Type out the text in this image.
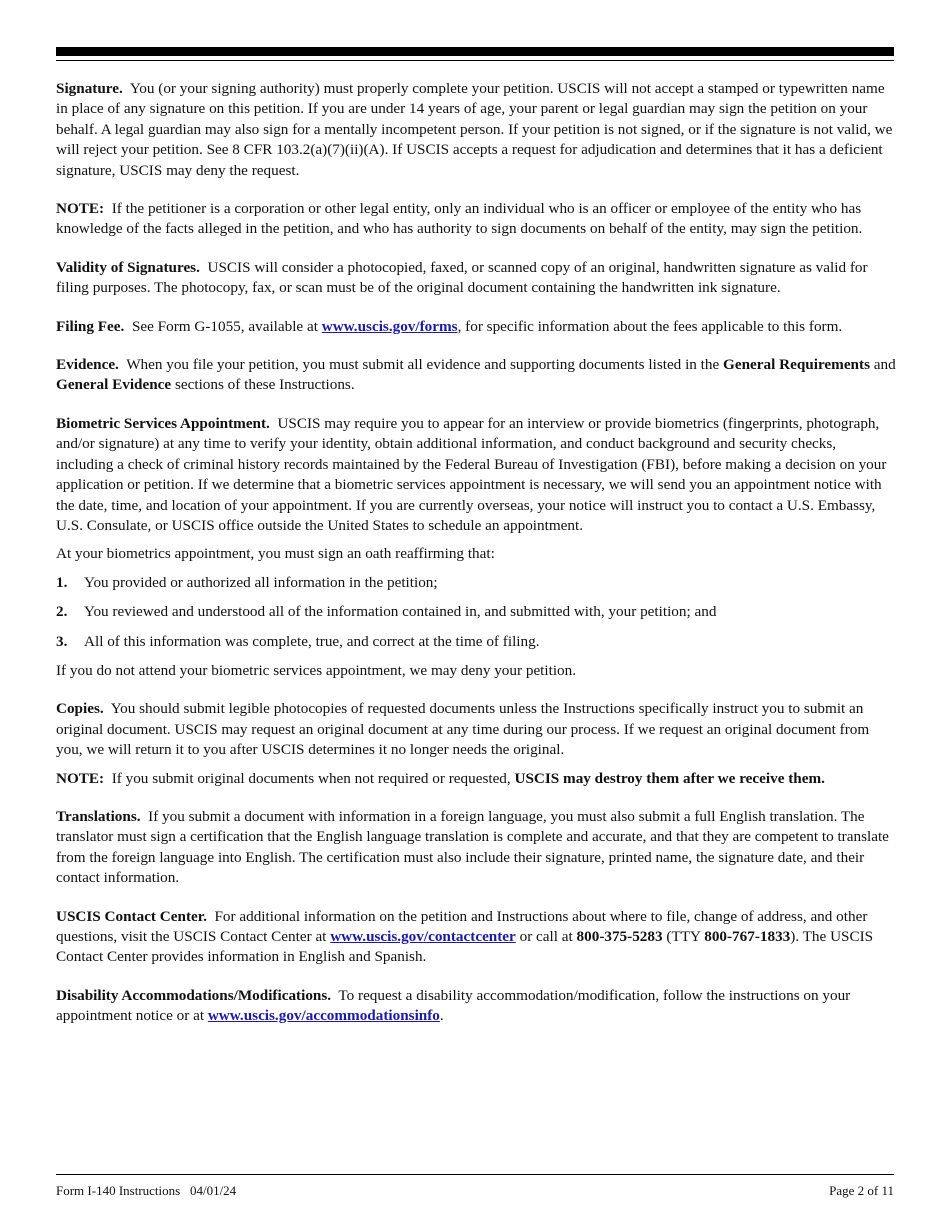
Signature. You (or your signing authority) must properly complete your petition. USCIS will not accept a stamped or typewritten name in place of any signature on this petition. If you are under 14 years of age, your parent or legal guardian may sign the petition on your behalf. A legal guardian may also sign for a mentally incompetent person. If your petition is not signed, or if the signature is not valid, we will reject your petition. See 8 CFR 103.2(a)(7)(ii)(A). If USCIS accepts a request for adjudication and determines that it has a deficient signature, USCIS may deny the request.

NOTE: If the petitioner is a corporation or other legal entity, only an individual who is an officer or employee of the entity who has knowledge of the facts alleged in the petition, and who has authority to sign documents on behalf of the entity, may sign the petition.

Validity of Signatures. USCIS will consider a photocopied, faxed, or scanned copy of an original, handwritten signature as valid for filing purposes. The photocopy, fax, or scan must be of the original document containing the handwritten ink signature.

Filing Fee. See Form G-1055, available at www.uscis.gov/forms, for specific information about the fees applicable to this form.

Evidence. When you file your petition, you must submit all evidence and supporting documents listed in the General Requirements and General Evidence sections of these Instructions.

Biometric Services Appointment. USCIS may require you to appear for an interview or provide biometrics (fingerprints, photograph, and/or signature) at any time to verify your identity, obtain additional information, and conduct background and security checks, including a check of criminal history records maintained by the Federal Bureau of Investigation (FBI), before making a decision on your application or petition. If we determine that a biometric services appointment is necessary, we will send you an appointment notice with the date, time, and location of your appointment. If you are currently overseas, your notice will instruct you to contact a U.S. Embassy, U.S. Consulate, or USCIS office outside the United States to schedule an appointment.

At your biometrics appointment, you must sign an oath reaffirming that:

1.	You provided or authorized all information in the petition;
2.	You reviewed and understood all of the information contained in, and submitted with, your petition; and
3.	All of this information was complete, true, and correct at the time of filing.

If you do not attend your biometric services appointment, we may deny your petition.

Copies. You should submit legible photocopies of requested documents unless the Instructions specifically instruct you to submit an original document. USCIS may request an original document at any time during our process. If we request an original document from you, we will return it to you after USCIS determines it no longer needs the original.

NOTE: If you submit original documents when not required or requested, USCIS may destroy them after we receive them.

Translations. If you submit a document with information in a foreign language, you must also submit a full English translation. The translator must sign a certification that the English language translation is complete and accurate, and that they are competent to translate from the foreign language into English. The certification must also include their signature, printed name, the signature date, and their contact information.

USCIS Contact Center. For additional information on the petition and Instructions about where to file, change of address, and other questions, visit the USCIS Contact Center at www.uscis.gov/contactcenter or call at 800-375-5283 (TTY 800-767-1833). The USCIS Contact Center provides information in English and Spanish.

Disability Accommodations/Modifications. To request a disability accommodation/modification, follow the instructions on your appointment notice or at www.uscis.gov/accommodationsinfo.

Form I-140 Instructions   04/01/24	Page 2 of 11
